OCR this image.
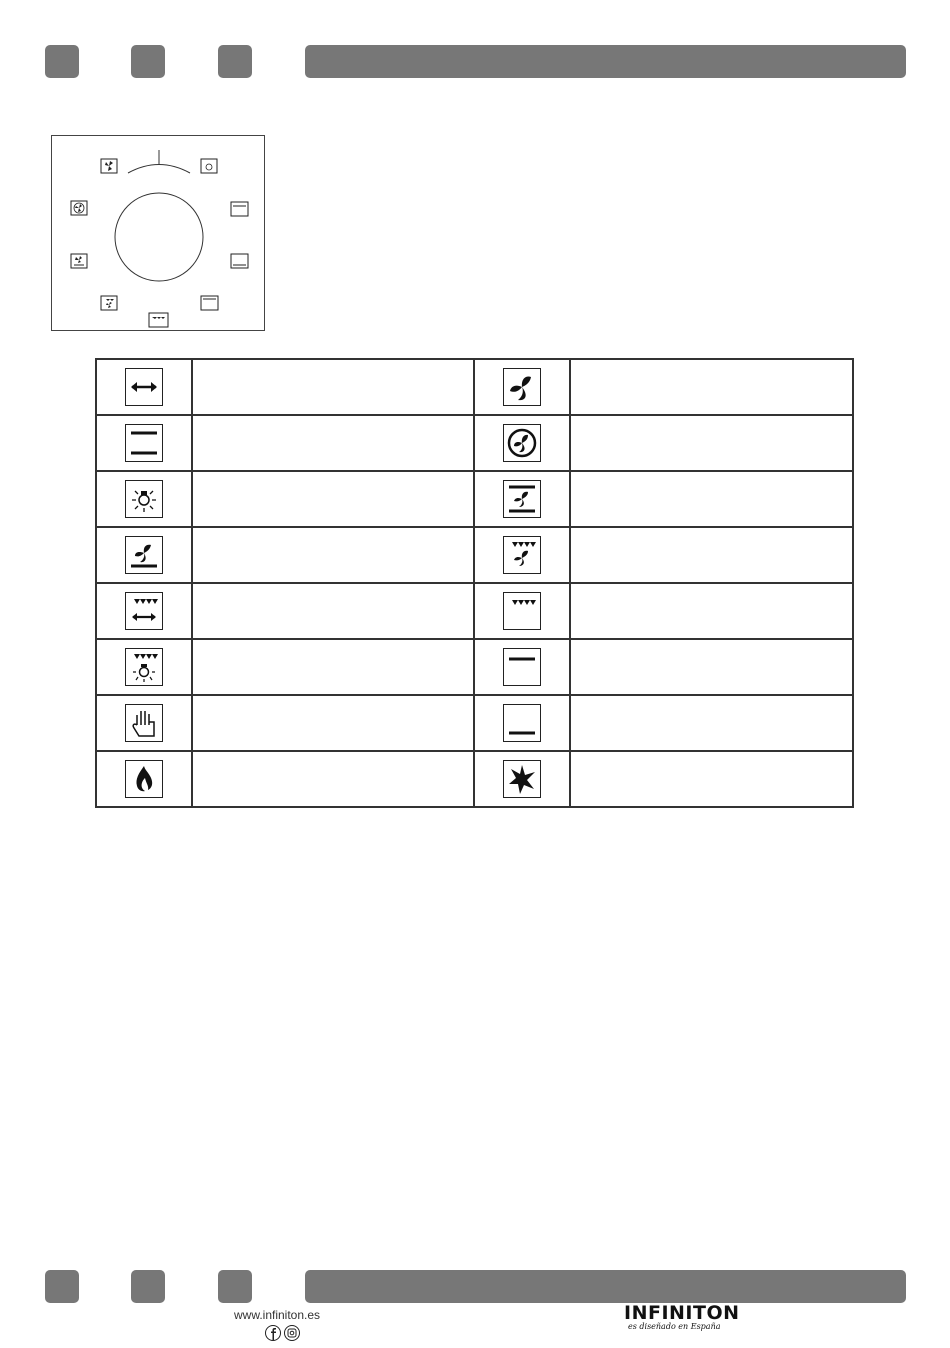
www.infiniton.es	INFINITON
es diseñado en España
